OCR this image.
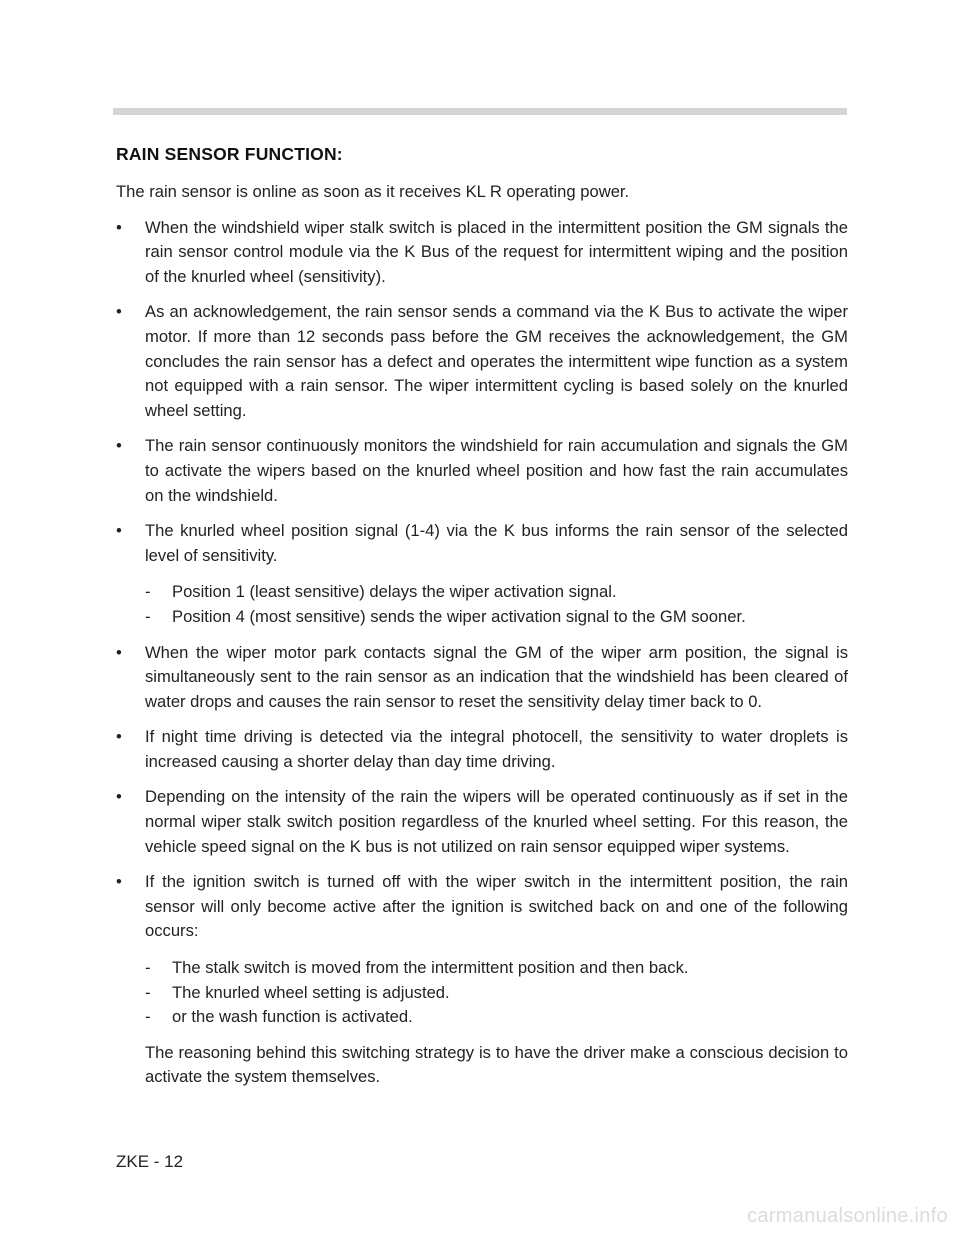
RAIN SENSOR FUNCTION:

The rain sensor is online as soon as it receives KL R operating power.

•	When the windshield wiper stalk switch is placed in the intermittent position the GM signals the rain sensor control module via the K Bus of the request for intermittent wiping and the position of the knurled wheel (sensitivity).
•	As an acknowledgement, the rain sensor sends a command via the K Bus to activate the wiper motor. If more than 12 seconds pass before the GM receives the acknowledgement, the GM concludes the rain sensor has a defect and operates the intermittent wipe function as a system not equipped with a rain sensor. The wiper intermittent cycling is based solely on the knurled wheel setting.
•	The rain sensor continuously monitors the windshield for rain accumulation and signals the GM to activate the wipers based on the knurled wheel position and how fast the rain accumulates on the windshield.
•	The knurled wheel position signal (1-4) via the K bus informs the rain sensor of the selected level of sensitivity.
- Position 1 (least sensitive) delays the wiper activation signal.
- Position 4 (most sensitive) sends the wiper activation signal to the GM sooner.
•	When the wiper motor park contacts signal the GM of the wiper arm position, the signal is simultaneously sent to the rain sensor as an indication that the windshield has been cleared of water drops and causes the rain sensor to reset the sensitivity delay timer back to 0.
•	If night time driving is detected via the integral photocell, the sensitivity to water droplets is increased causing a shorter delay than day time driving.
•	Depending on the intensity of the rain the wipers will be operated continuously as if set in the normal wiper stalk switch position regardless of the knurled wheel setting. For this reason, the vehicle speed signal on the K bus is not utilized on rain sensor equipped wiper systems.
•	If the ignition switch is turned off with the wiper switch in the intermittent position, the rain sensor will only become active after the ignition is switched back on and one of the following occurs:
- The stalk switch is moved from the intermittent position and then back.
- The knurled wheel setting is adjusted.
- or the wash function is activated.

The reasoning behind this switching strategy is to have the driver make a conscious decision to activate the system themselves.

ZKE - 12
carmanualsonline.info
